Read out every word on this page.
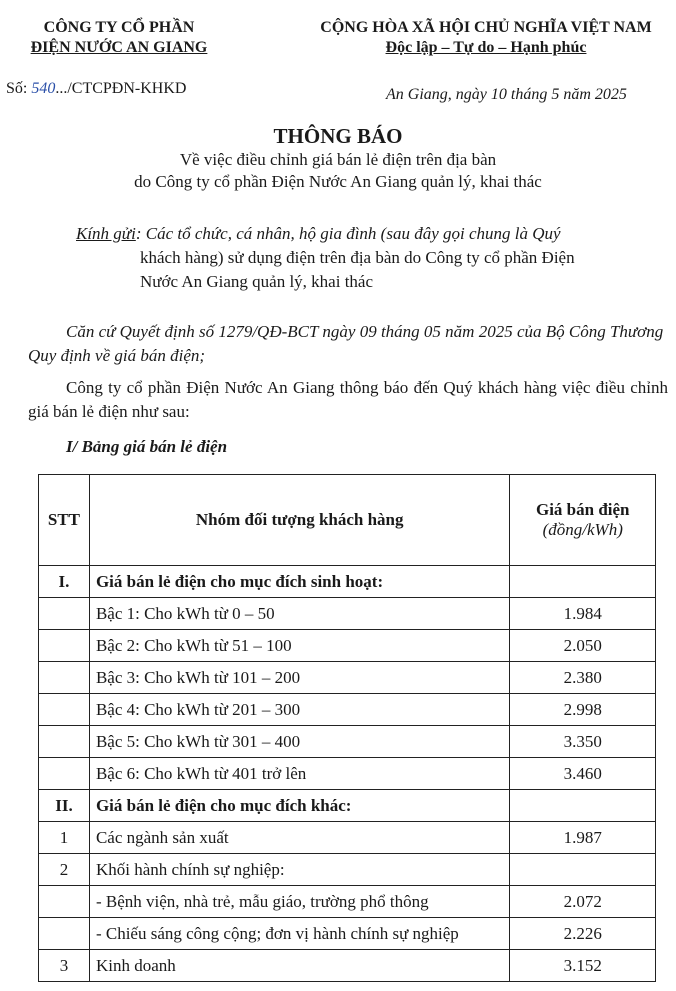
CÔNG TY CỔ PHẦN
ĐIỆN NƯỚC AN GIANG
CỘNG HÒA XÃ HỘI CHỦ NGHĨA VIỆT NAM
Độc lập – Tự do – Hạnh phúc
Số: 540.../CTCPĐN-KHKD	An Giang, ngày 10 tháng 5 năm 2025
THÔNG BÁO
Về việc điều chỉnh giá bán lẻ điện trên địa bàn
do Công ty cổ phần Điện Nước An Giang quản lý, khai thác
Kính gửi: Các tổ chức, cá nhân, hộ gia đình (sau đây gọi chung là Quý
khách hàng) sử dụng điện trên địa bàn do Công ty cổ phần Điện
Nước An Giang quản lý, khai thác
Căn cứ Quyết định số 1279/QĐ-BCT ngày 09 tháng 05 năm 2025 của Bộ Công Thương Quy định về giá bán điện;
Công ty cổ phần Điện Nước An Giang thông báo đến Quý khách hàng việc điều chỉnh giá bán lẻ điện như sau:
I/ Bảng giá bán lẻ điện
STT	Nhóm đối tượng khách hàng	Giá bán điện
(đồng/kWh)

I.	Giá bán lẻ điện cho mục đích sinh hoạt:	
	Bậc 1: Cho kWh từ 0 – 50	1.984
	Bậc 2: Cho kWh từ 51 – 100	2.050
	Bậc 3: Cho kWh từ 101 – 200	2.380
	Bậc 4: Cho kWh từ 201 – 300	2.998
	Bậc 5: Cho kWh từ 301 – 400	3.350
	Bậc 6: Cho kWh từ 401 trở lên	3.460
II.	Giá bán lẻ điện cho mục đích khác:	
1	Các ngành sản xuất	1.987
2	Khối hành chính sự nghiệp:	
	- Bệnh viện, nhà trẻ, mẫu giáo, trường phổ thông	2.072
	- Chiếu sáng công cộng; đơn vị hành chính sự nghiệp	2.226
3	Kinh doanh	3.152
